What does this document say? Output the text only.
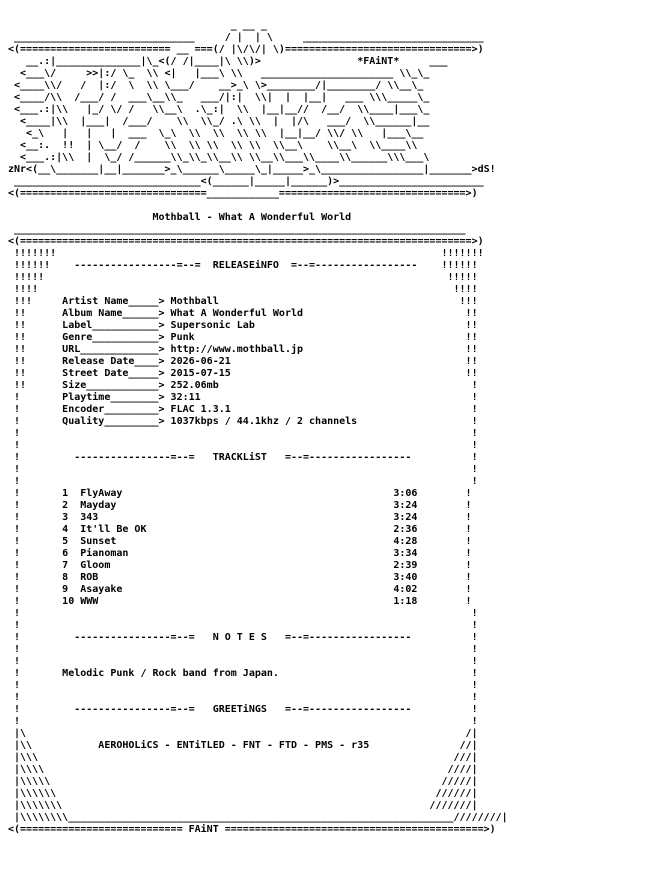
_ __ _
______________________________     / |  | \     ______________________________
<(========================= __ ===(/ |\/\/| \)===============================>)
__.:|______________|\_<(/ /|____|\ \\)>                *FAiNT*     ___
<___\/     >>|:/ \_  \\ <|   |___\ \\   ______________________ \\_\_
<____\\/   /  |:/  \  \\ \___/    __>_\ \>________/|________/ \\__\_
<____/\\  /___/ /  ___\__\\_   ___/|:|  \\|  |  |__|   ___ \\\_____\_
<___.:|\\   |_/ \/ /   \\__\  .\_:|  \\  |__|__//  /__/  \\____|___\_
<____|\\  |___|  /___/    \\  \\_/ .\ \\  |  |/\   ___/  \\______|__
<_\   |   |   |  ___  \_\  \\  \\  \\ \\  |__|__/ \\/ \\   |___\__
<__:.  !!  | \__/  /    \\  \\ \\  \\ \\  \\__\    \\__\  \\____\\
<___.:|\\  |  \_/ /______\\_\\_\\__\\ \\__\\___\\____\\______\\\___\
zNr<(__\_______|__|_______>_\______\_____\_|_____>_\_________________|_______>dS!
_______________________________<(______|_____|______)>________________________
<(===============================____________===============================>)
Mothball - What A Wonderful World
___________________________________________________________________________
<(===========================================================================>)
!!!!!!!                                                                !!!!!!!
!!!!!!    -----------------=--=  RELEASEiNFO  =--=-----------------    !!!!!!
!!!!!                                                                   !!!!!
!!!!                                                                     !!!!
!!!     Artist Name_____> Mothball                                        !!!
!!      Album Name______> What A Wonderful World                           !!
!!      Label___________> Supersonic Lab                                   !!
!!      Genre___________> Punk                                             !!
!!      URL_____________> http://www.mothball.jp                           !!
!!      Release Date____> 2026-06-21                                       !!
!!      Street Date_____> 2015-07-15                                       !!
!!      Size____________> 252.06mb                                          !
!       Playtime________> 32:11                                             !
!       Encoder_________> FLAC 1.3.1                                        !
!       Quality_________> 1037kbps / 44.1khz / 2 channels                   !
!                                                                           !
!                                                                           !
!         ----------------=--=   TRACKLiST   =--=-----------------          !
!                                                                           !
!                                                                           !
!       1  FlyAway                                             3:06        !
!       2  Mayday                                              3:24        !
!       3  343                                                 3:24        !
!       4  It'll Be OK                                         2:36        !
!       5  Sunset                                              4:28        !
!       6  Pianoman                                            3:34        !
!       7  Gloom                                               2:39        !
!       8  ROB                                                 3:40        !
!       9  Asayake                                             4:02        !
!       10 WWW                                                 1:18        !
!                                                                           !
!                                                                           !
!         ----------------=--=   N O T E S   =--=-----------------          !
!                                                                           !
!                                                                           !
!       Melodic Punk / Rock band from Japan.                                !
!                                                                           !
!                                                                           !
!         ----------------=--=   GREETiNGS   =--=-----------------          !
!                                                                           !
|\                                                                         /|
|\\           AEROHOLiCS - ENTiTLED - FNT - FTD - PMS - r35               //|
|\\\                                                                     ///|
|\\\\                                                                   ////|
|\\\\\                                                                 /////|
|\\\\\\                                                               //////|
|\\\\\\\                                                             ///////|
|\\\\\\\\________________________________________________________________////////|
<(=========================== FAiNT ===========================================>)
